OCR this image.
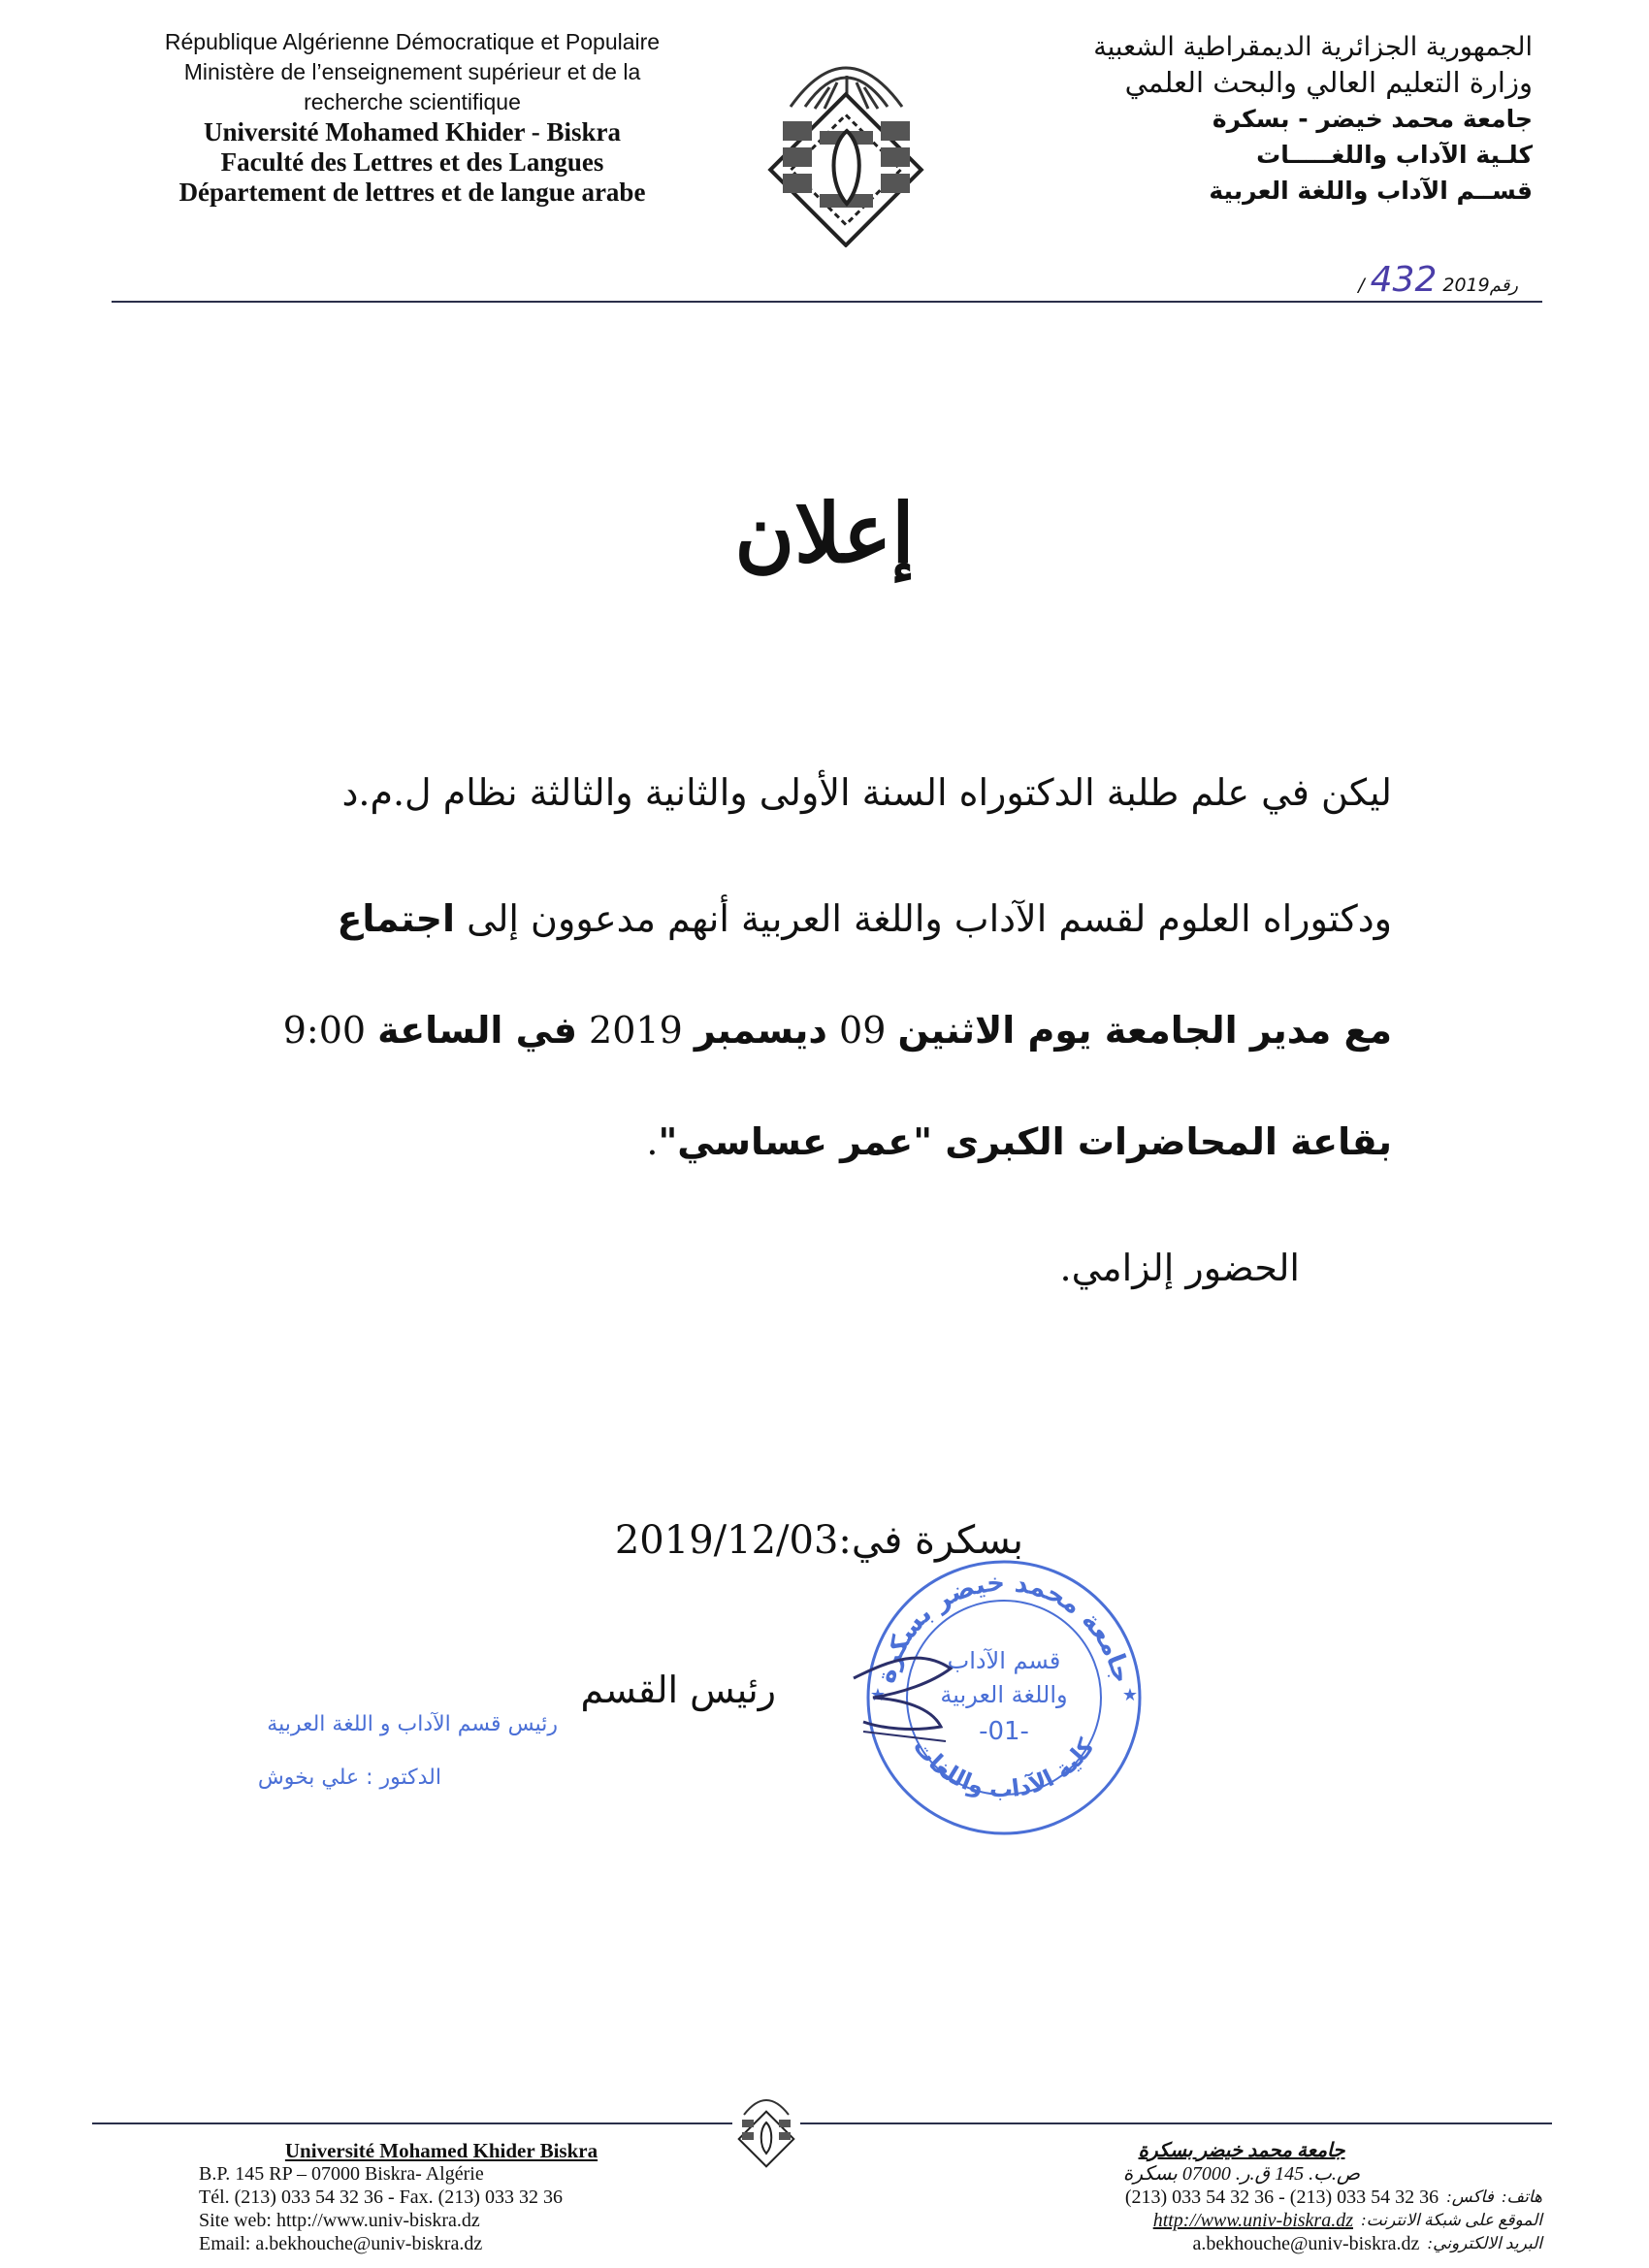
République Algérienne Démocratique et Populaire
Ministère de l’enseignement supérieur et de la
recherche scientifique
Université Mohamed Khider - Biskra
Faculté des Lettres et des Langues
Département de lettres et de langue arabe
الجمهورية الجزائرية الديمقراطية الشعبية
وزارة التعليم العالي والبحث العلمي
جامعة محمد خيضر - بسكرة
كلـية الآداب واللغـــــات
قســم الآداب واللغة العربية
رقم4322019/
إعلان
ليكن في علم طلبة الدكتوراه السنة الأولى والثانية والثالثة نظام ل.م.د
ودكتوراه العلوم لقسم الآداب واللغة العربية أنهم مدعوون إلى اجتماع
مع مدير الجامعة يوم الاثنين 09 ديسمبر 2019 في الساعة 9:00
بقاعة المحاضرات الكبرى "عمر عساسي".
الحضور إلزامي.
بسكرة في:2019/12/03
جامعة محمد خيضر بسكرة
كلية الآداب واللغات
قسم الآداب
واللغة العربية
-01-
★
★
رئيس القسم
رئيس قسم الآداب و اللغة العربية
الدكتور : علي بخوش
Université Mohamed Khider Biskra
B.P. 145 RP – 07000 Biskra- Algérie
Tél. (213) 033 54 32 36 - Fax. (213) 033 32 36
Site web: http://www.univ-biskra.dz
Email: a.bekhouche@univ-biskra.dz
جامعة محمد خيضر بسكرة
ص.ب. 145 ق.ر. 07000 بسكرة
(213) 033 54 32 36 - (213) 033 54 32 36 فاكس: هاتف:
http://www.univ-biskra.dz الموقع على شبكة الانترنت:
a.bekhouche@univ-biskra.dz البريد الالكتروني:
